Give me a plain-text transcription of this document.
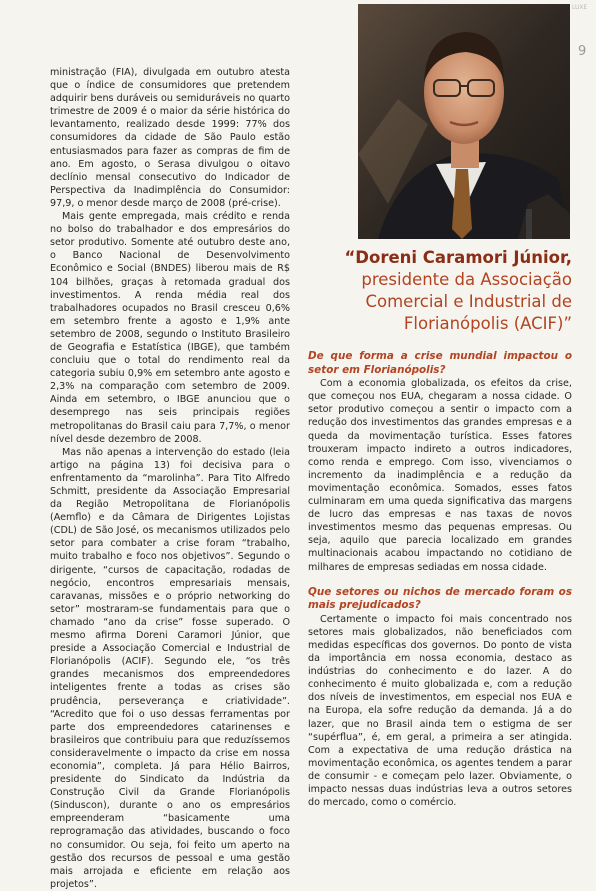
LUXE
9

ministração (FIA), divulgada em outubro atesta que o índice de consumidores que pretendem adquirir bens duráveis ou semiduráveis no quarto trimestre de 2009 é o maior da série histórica do levantamento, realizado desde 1999: 77% dos consumidores da cidade de São Paulo estão entusiasmados para fazer as compras de fim de ano. Em agosto, o Serasa divulgou o oitavo declínio mensal consecutivo do Indicador de Perspectiva da Inadimplência do Consumidor: 97,9, o menor desde março de 2008 (pré-crise).

Mais gente empregada, mais crédito e renda no bolso do trabalhador e dos empresários do setor produtivo. Somente até outubro deste ano, o Banco Nacional de Desenvolvimento Econômico e Social (BNDES) liberou mais de R$ 104 bilhões, graças à retomada gradual dos investimentos. A renda média real dos trabalhadores ocupados no Brasil cresceu 0,6% em setembro frente a agosto e 1,9% ante setembro de 2008, segundo o Instituto Brasileiro de Geografia e Estatística (IBGE), que também concluiu que o total do rendimento real da categoria subiu 0,9% em setembro ante agosto e 2,3% na comparação com setembro de 2009. Ainda em setembro, o IBGE anunciou que o desemprego nas seis principais regiões metropolitanas do Brasil caiu para 7,7%, o menor nível desde dezembro de 2008.

Mas não apenas a intervenção do estado (leia artigo na página 13) foi decisiva para o enfrentamento da “marolinha”. Para Tito Alfredo Schmitt, presidente da Associação Empresarial da Região Metropolitana de Florianópolis (Aemflo) e da Câmara de Dirigentes Lojistas (CDL) de São José, os mecanismos utilizados pelo setor para combater a crise foram “trabalho, muito trabalho e foco nos objetivos”. Segundo o dirigente, “cursos de capacitação, rodadas de negócio, encontros empresariais mensais, caravanas, missões e o próprio networking do setor” mostraram-se fundamentais para que o chamado “ano da crise” fosse superado. O mesmo afirma Doreni Caramori Júnior, que preside a Associação Comercial e Industrial de Florianópolis (ACIF). Segundo ele, “os três grandes mecanismos dos empreendedores inteligentes frente a todas as crises são prudência, perseverança e criatividade”. “Acredito que foi o uso dessas ferramentas por parte dos empreendedores catarinenses e brasileiros que contribuiu para que reduzíssemos consideravelmente o impacto da crise em nossa economia”, completa. Já para Hélio Bairros, presidente do Sindicato da Indústria da Construção Civil da Grande Florianópolis (Sinduscon), durante o ano os empresários empreenderam “basicamente uma reprogramação das atividades, buscando o foco no consumidor. Ou seja, foi feito um aperto na gestão dos recursos de pessoal e uma gestão mais arrojada e eficiente em relação aos projetos”.

“Doreni Caramori Júnior,
presidente da Associação Comercial e Industrial de Florianópolis (ACIF)”
De que forma a crise mundial impactou o setor em Florianópolis?

Com a economia globalizada, os efeitos da crise, que começou nos EUA, chegaram a nossa cidade. O setor produtivo começou a sentir o impacto com a redução dos investimentos das grandes empresas e a queda da movimentação turística. Esses fatores trouxeram impacto indireto a outros indicadores, como renda e emprego. Com isso, vivenciamos o incremento da inadimplência e a redução da movimentação econômica. Somados, esses fatos culminaram em uma queda significativa das margens de lucro das empresas e nas taxas de novos investimentos mesmo das pequenas empresas. Ou seja, aquilo que parecia localizado em grandes multinacionais acabou impactando no cotidiano de milhares de empresas sediadas em nossa cidade.

Que setores ou nichos de mercado foram os mais prejudicados?

Certamente o impacto foi mais concentrado nos setores mais globalizados, não beneficiados com medidas específicas dos governos. Do ponto de vista da importância em nossa economia, destaco as indústrias do conhecimento e do lazer. A do conhecimento é muito globalizada e, com a redução dos níveis de investimentos, em especial nos EUA e na Europa, ela sofre redução da demanda. Já a do lazer, que no Brasil ainda tem o estigma de ser “supérflua”, é, em geral, a primeira a ser atingida. Com a expectativa de uma redução drástica na movimentação econômica, os agentes tendem a parar de consumir - e começam pelo lazer. Obviamente, o impacto nessas duas indústrias leva a outros setores do mercado, como o comércio.
